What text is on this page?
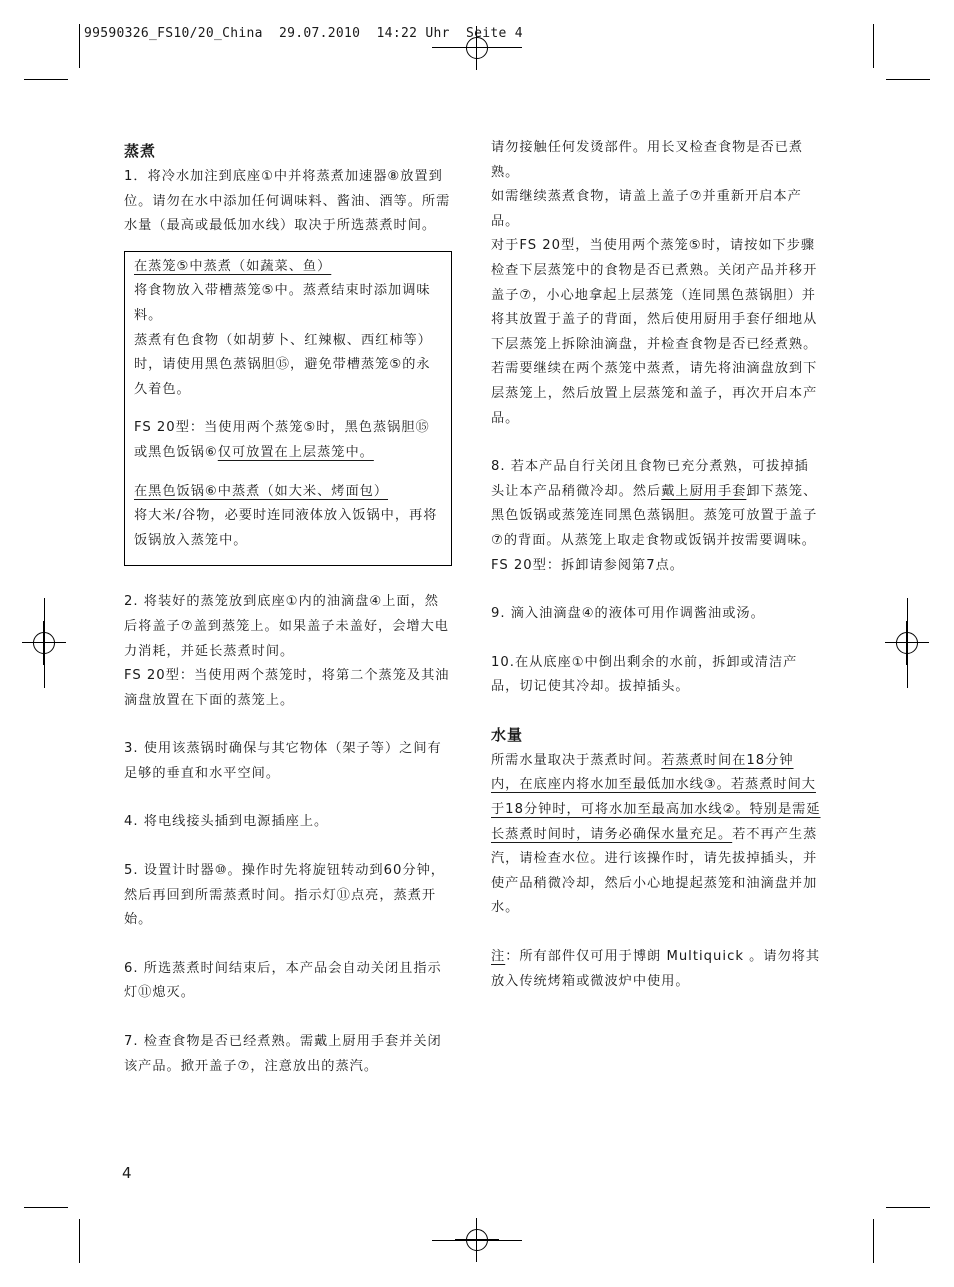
99590326_FS10/20_China  29.07.2010  14:22 Uhr  Seite 4
蒸煮

1．将冷水加注到底座①中并将蒸煮加速器⑧放置到位。请勿在水中添加任何调味料、酱油、酒等。所需水量（最高或最低加水线）取决于所选蒸煮时间。

在蒸笼⑤中蒸煮（如蔬菜、鱼）

将食物放入带槽蒸笼⑤中。蒸煮结束时添加调味料。

蒸煮有色食物（如胡萝卜、红辣椒、西红柿等）时，请使用黑色蒸锅胆⑮，避免带槽蒸笼⑤的永久着色。

FS 20型：当使用两个蒸笼⑤时，黑色蒸锅胆⑮或黑色饭锅⑥仅可放置在上层蒸笼中。

在黑色饭锅⑥中蒸煮（如大米、烤面包）

将大米/谷物，必要时连同液体放入饭锅中，再将饭锅放入蒸笼中。

2. 将装好的蒸笼放到底座①内的油滴盘④上面，然后将盖子⑦盖到蒸笼上。如果盖子未盖好，会增大电力消耗，并延长蒸煮时间。

FS 20型：当使用两个蒸笼时，将第二个蒸笼及其油滴盘放置在下面的蒸笼上。

3. 使用该蒸锅时确保与其它物体（架子等）之间有足够的垂直和水平空间。

4. 将电线接头插到电源插座上。

5. 设置计时器⑩。操作时先将旋钮转动到60分钟，然后再回到所需蒸煮时间。指示灯⑪点亮，蒸煮开始。

6. 所选蒸煮时间结束后，本产品会自动关闭且指示灯⑪熄灭。

7. 检查食物是否已经煮熟。需戴上厨用手套并关闭该产品。掀开盖子⑦，注意放出的蒸汽。

请勿接触任何发烫部件。用长叉检查食物是否已煮熟。

如需继续蒸煮食物，请盖上盖子⑦并重新开启本产品。

对于FS 20型，当使用两个蒸笼⑤时，请按如下步骤检查下层蒸笼中的食物是否已煮熟。关闭产品并移开盖子⑦，小心地拿起上层蒸笼（连同黑色蒸锅胆）并将其放置于盖子的背面，然后使用厨用手套仔细地从下层蒸笼上拆除油滴盘，并检查食物是否已经煮熟。

若需要继续在两个蒸笼中蒸煮，请先将油滴盘放到下层蒸笼上，然后放置上层蒸笼和盖子，再次开启本产品。

8. 若本产品自行关闭且食物已充分煮熟，可拔掉插头让本产品稍微冷却。然后戴上厨用手套卸下蒸笼、黑色饭锅或蒸笼连同黑色蒸锅胆。蒸笼可放置于盖子⑦的背面。从蒸笼上取走食物或饭锅并按需要调味。

FS 20型：拆卸请参阅第7点。

9. 滴入油滴盘④的液体可用作调酱油或汤。

10.在从底座①中倒出剩余的水前，拆卸或清洁产品，切记使其冷却。拔掉插头。

水量

所需水量取决于蒸煮时间。若蒸煮时间在18分钟内，在底座内将水加至最低加水线③。若蒸煮时间大于18分钟时，可将水加至最高加水线②。特别是需延长蒸煮时间时，请务必确保水量充足。若不再产生蒸汽，请检查水位。进行该操作时，请先拔掉插头，并使产品稍微冷却，然后小心地提起蒸笼和油滴盘并加水。

注：所有部件仅可用于博朗 Multiquick 。请勿将其放入传统烤箱或微波炉中使用。

4
